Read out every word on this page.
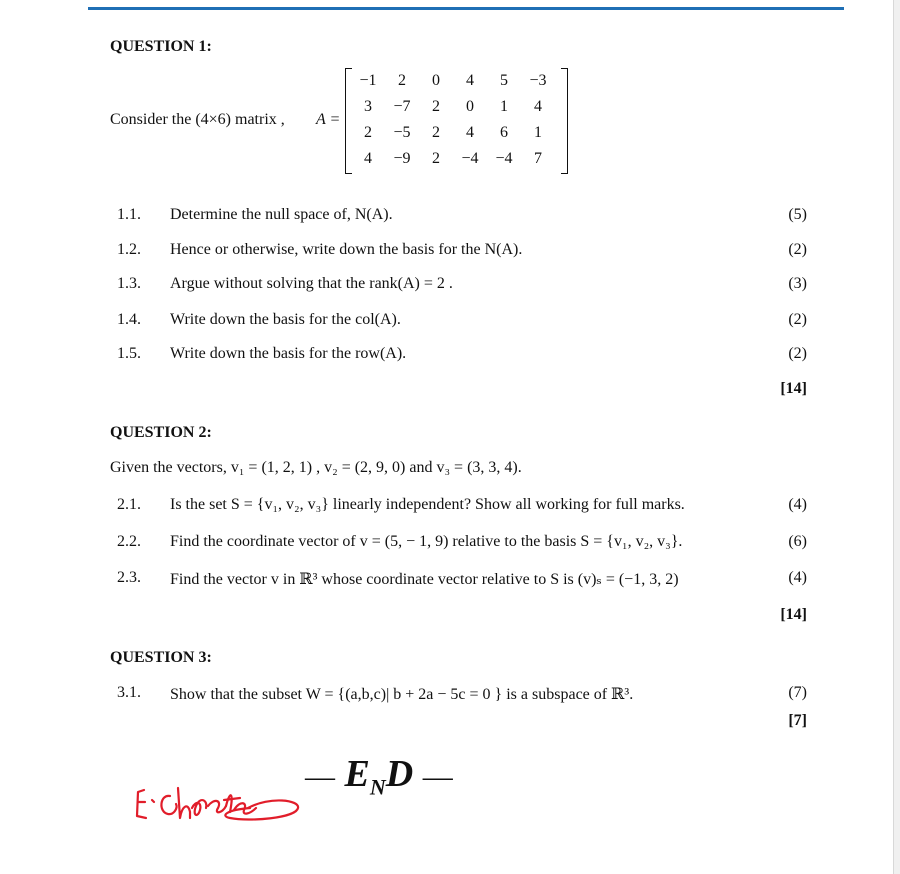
QUESTION 1:
Consider the (4×6) matrix , A =
−1	2	0	4	5	−3
3	−7	2	0	1	4
2	−5	2	4	6	1
4	−9	2	−4	−4	7
1.1. Determine the null space of, N(A).	(5)
1.2. Hence or otherwise, write down the basis for the N(A).	(2)
1.3. Argue without solving that the rank(A) = 2 .	(3)
1.4. Write down the basis for the col(A).	(2)
1.5. Write down the basis for the row(A).	(2)
[14]
QUESTION 2:
Given the vectors, v₁ = (1, 2, 1) , v₂ = (2, 9, 0) and v₃ = (3, 3, 4).
2.1. Is the set S = {v₁, v₂, v₃} linearly independent? Show all working for full marks.	(4)
2.2. Find the coordinate vector of v = (5, − 1, 9) relative to the basis S = {v₁, v₂, v₃}.	(6)
2.3. Find the vector v in ℝ³ whose coordinate vector relative to S is (v)ₛ = (−1, 3, 2)	(4)
[14]
QUESTION 3:
3.1. Show that the subset W = {(a,b,c)| b + 2a − 5c = 0 } is a subspace of ℝ³.	(7)
[7]
— $E_ND$ —
